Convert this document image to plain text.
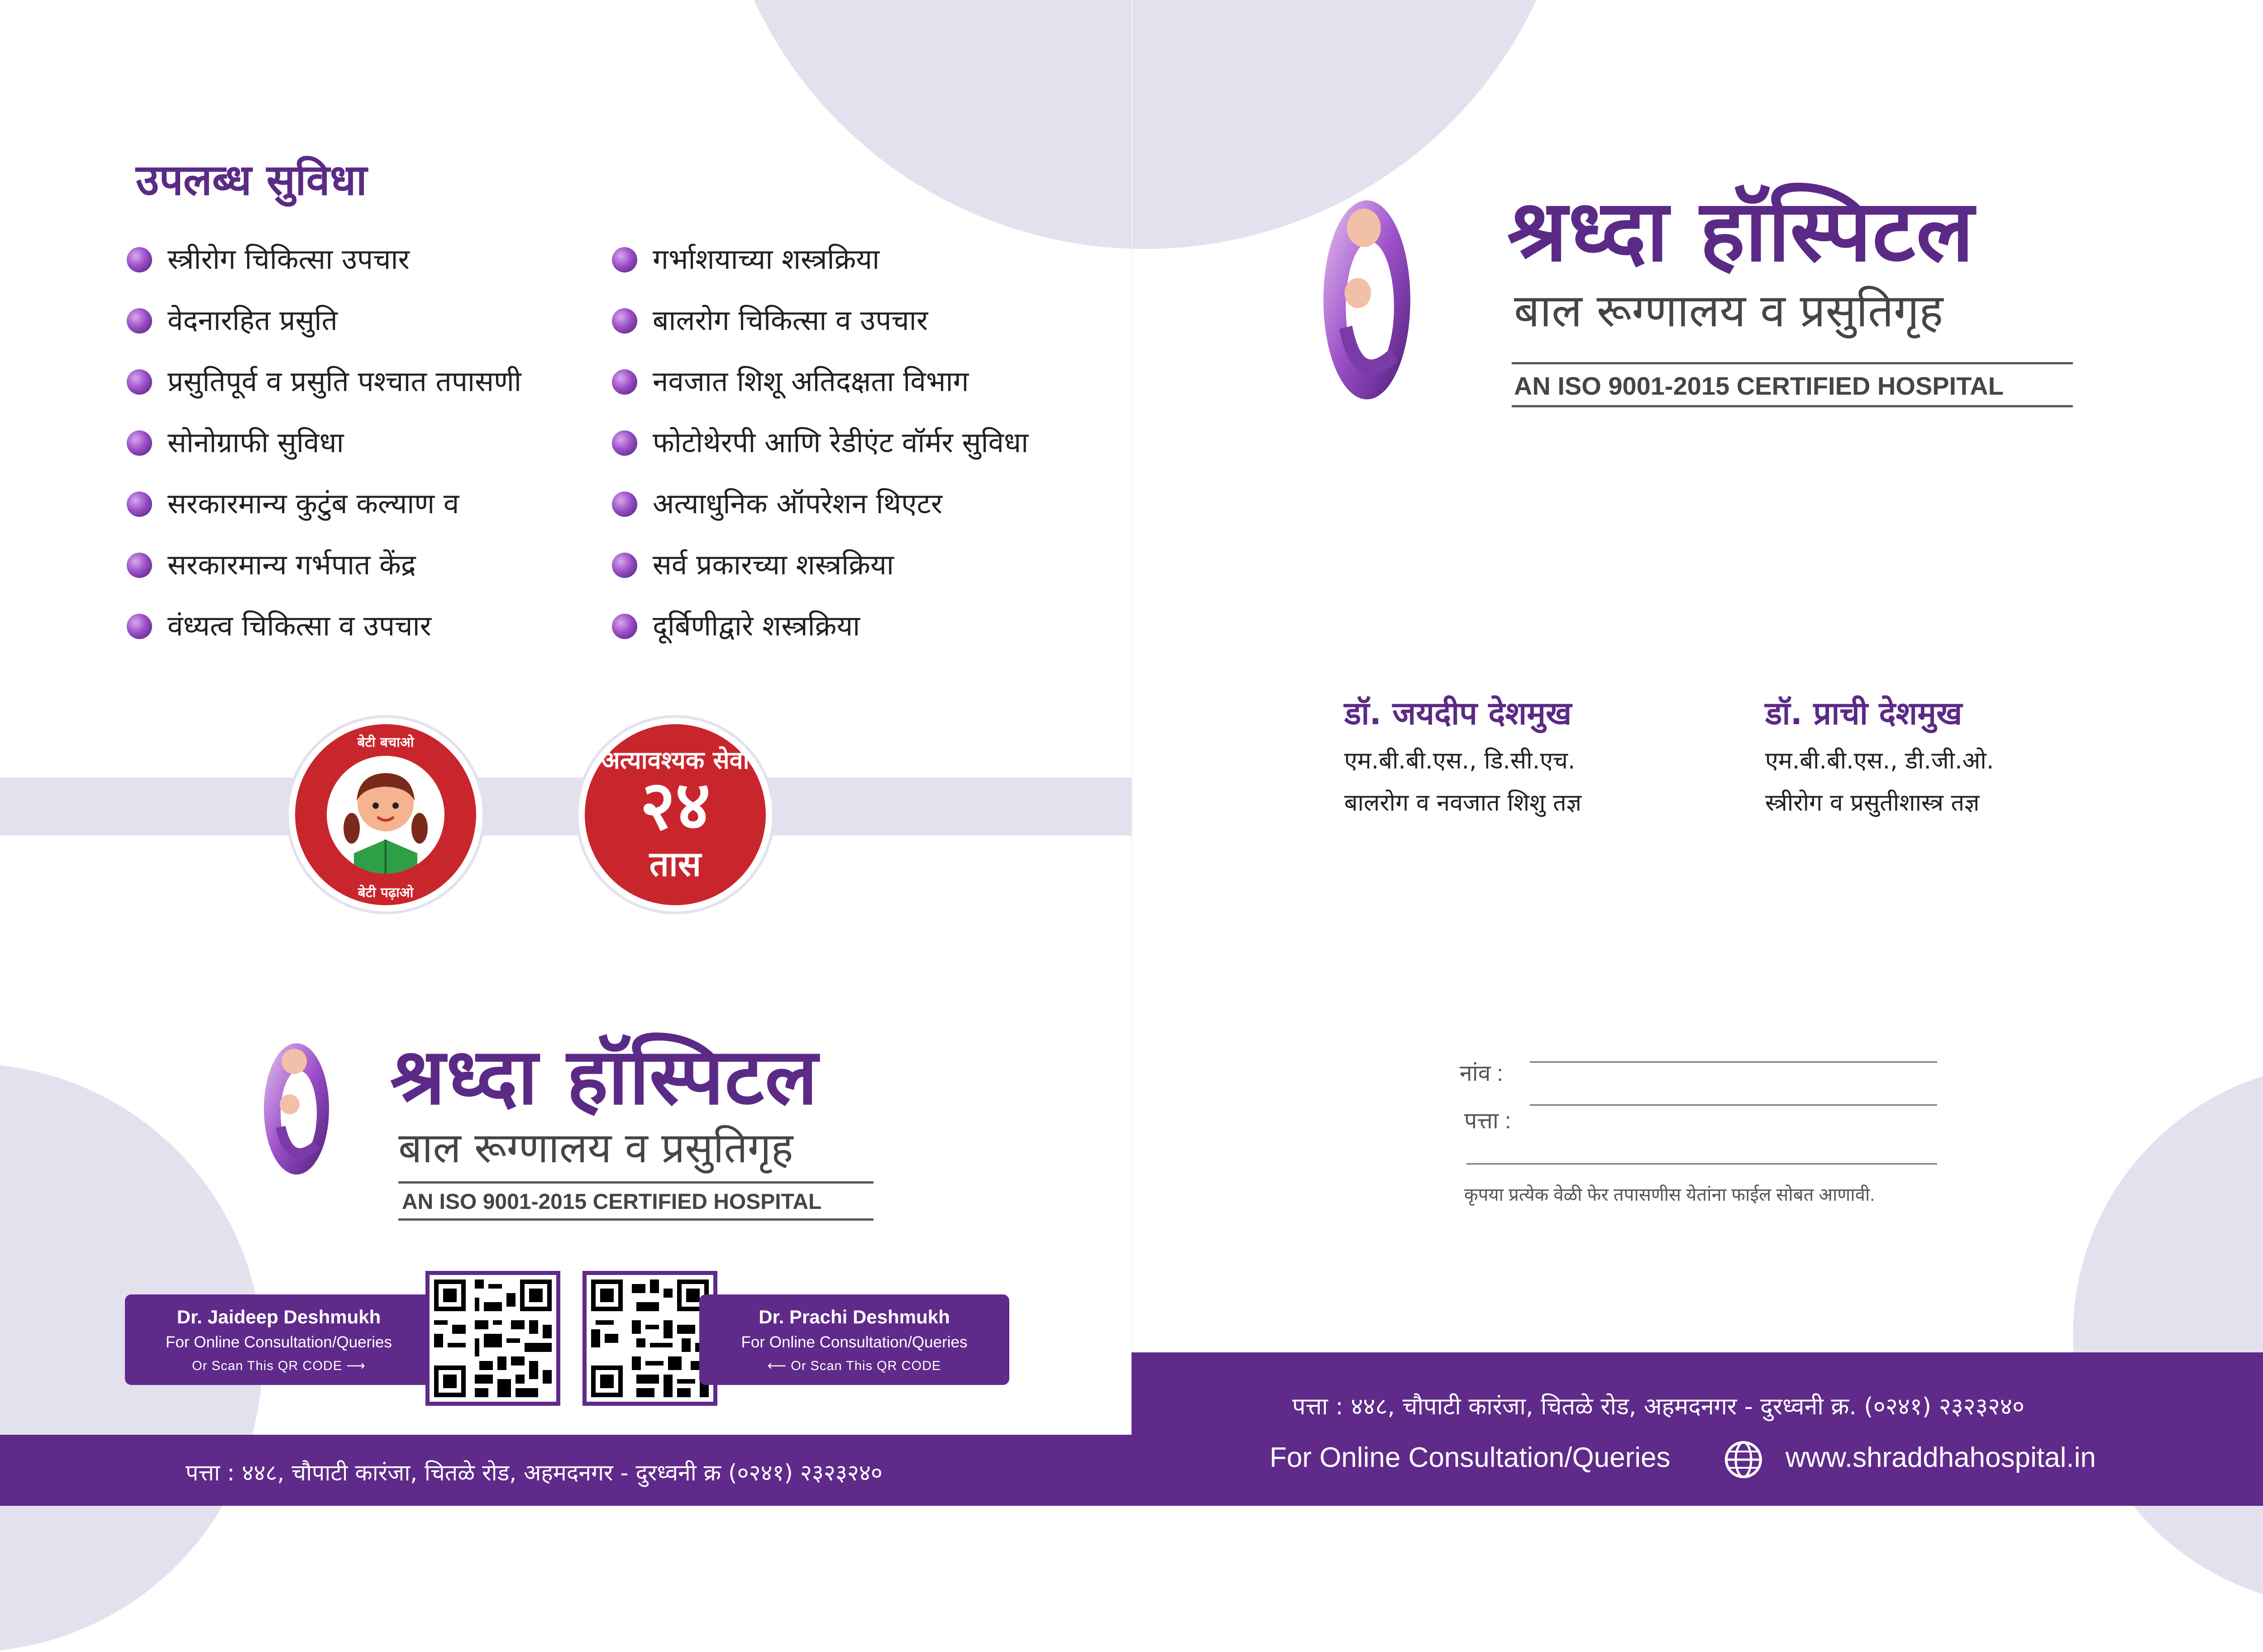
उपलब्ध सुविधा
स्त्रीरोग चिकित्सा उपचार
वेदनारहित प्रसुति
प्रसुतिपूर्व व प्रसुति पश्चात तपासणी
सोनोग्राफी सुविधा
सरकारमान्य कुटुंब कल्याण व
सरकारमान्य गर्भपात केंद्र
वंध्यत्व चिकित्सा व उपचार
गर्भाशयाच्या शस्त्रक्रिया
बालरोग चिकित्सा व उपचार
नवजात शिशू अतिदक्षता विभाग
फोटोथेरपी आणि रेडीएंट वॉर्मर सुविधा
अत्याधुनिक ऑपरेशन थिएटर
सर्व प्रकारच्या शस्त्रक्रिया
दूर्बिणीद्वारे शस्त्रक्रिया
बेटी बचाओ
बेटी पढ़ाओ
अत्यावश्यक सेवा
२४
तास
श्रध्दा हॉस्पिटल
बाल रूग्णालय व प्रसुतिगृह
AN ISO 9001-2015 CERTIFIED HOSPITAL
Dr. Jaideep Deshmukh
For Online Consultation/Queries
Or Scan This QR CODE ⟶
Dr. Prachi Deshmukh
For Online Consultation/Queries
⟵ Or Scan This QR CODE
पत्ता : ४४८, चौपाटी कारंजा, चितळे रोड, अहमदनगर - दुरध्वनी क्र (०२४१) २३२३२४०
श्रध्दा हॉस्पिटल
बाल रूग्णालय व प्रसुतिगृह
AN ISO 9001-2015 CERTIFIED HOSPITAL
डॉ. जयदीप देशमुख
एम.बी.बी.एस., डि.सी.एच.
बालरोग व नवजात शिशु तज्ञ
डॉ. प्राची देशमुख
एम.बी.बी.एस., डी.जी.ओ.
स्त्रीरोग व प्रसुतीशास्त्र तज्ञ
नांव :
पत्ता :
कृपया प्रत्येक वेळी फेर तपासणीस येतांना फाईल सोबत आणावी.
पत्ता : ४४८, चौपाटी कारंजा, चितळे रोड, अहमदनगर - दुरध्वनी क्र. (०२४१) २३२३२४०
For Online Consultation/Queries	www.shraddhahospital.in
